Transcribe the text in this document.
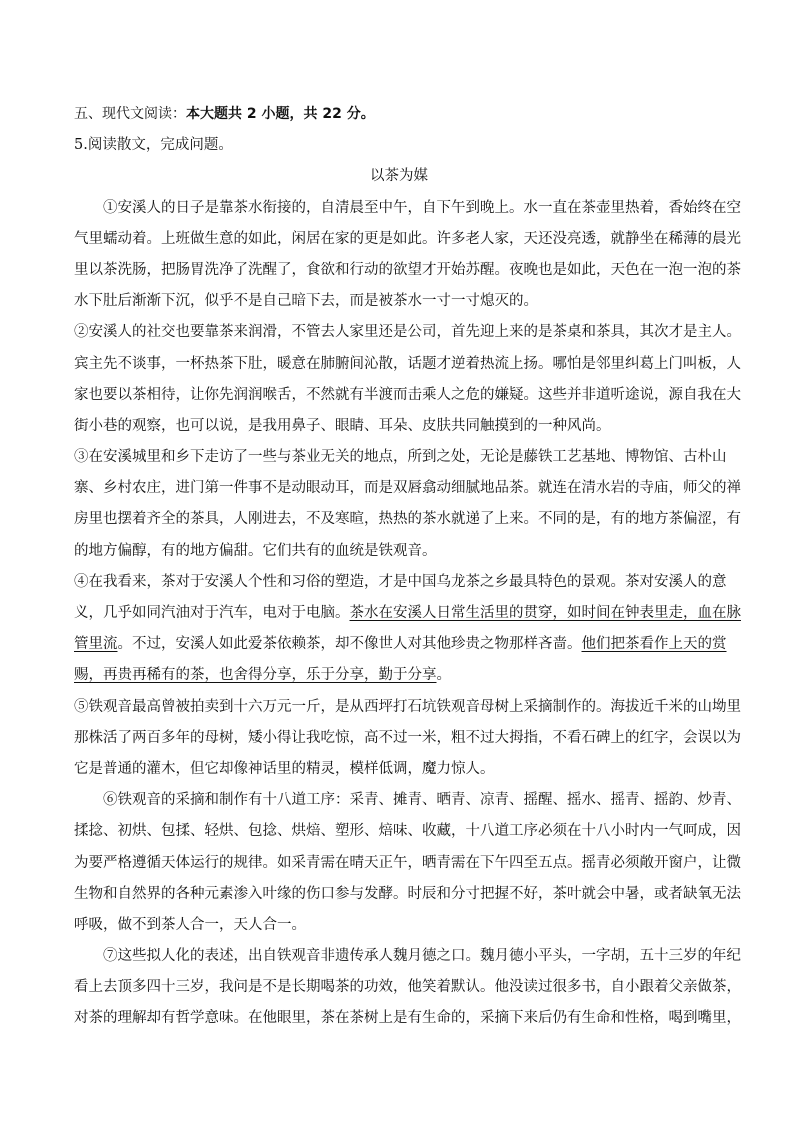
五、现代文阅读：本大题共 2 小题，共 22 分。
5.阅读散文，完成问题。
以茶为媒
①安溪人的日子是靠茶水衔接的，自清晨至中午，自下午到晚上。水一直在茶壶里热着，香始终在空
气里蠕动着。上班做生意的如此，闲居在家的更是如此。许多老人家，天还没亮透，就静坐在稀薄的晨光
里以茶洗肠，把肠胃洗净了洗醒了，食欲和行动的欲望才开始苏醒。夜晚也是如此，天色在一泡一泡的茶
水下肚后渐渐下沉，似乎不是自己暗下去，而是被茶水一寸一寸熄灭的。
②安溪人的社交也要靠茶来润滑，不管去人家里还是公司，首先迎上来的是茶桌和茶具，其次才是主人。
宾主先不谈事，一杯热茶下肚，暖意在肺腑间沁散，话题才逆着热流上扬。哪怕是邻里纠葛上门叫板，人
家也要以茶相待，让你先润润喉舌，不然就有半渡而击乘人之危的嫌疑。这些并非道听途说，源自我在大
街小巷的观察，也可以说，是我用鼻子、眼睛、耳朵、皮肤共同触摸到的一种风尚。
③在安溪城里和乡下走访了一些与茶业无关的地点，所到之处，无论是藤铁工艺基地、博物馆、古朴山
寨、乡村农庄，进门第一件事不是动眼动耳，而是双唇翕动细腻地品茶。就连在清水岩的寺庙，师父的禅
房里也摆着齐全的茶具，人刚进去，不及寒暄，热热的茶水就递了上来。不同的是，有的地方茶偏涩，有
的地方偏醇，有的地方偏甜。它们共有的血统是铁观音。
④在我看来，茶对于安溪人个性和习俗的塑造，才是中国乌龙茶之乡最具特色的景观。茶对安溪人的意
义，几乎如同汽油对于汽车，电对于电脑。茶水在安溪人日常生活里的贯穿，如时间在钟表里走，血在脉
管里流。不过，安溪人如此爱茶依赖茶，却不像世人对其他珍贵之物那样吝啬。他们把茶看作上天的赏
赐，再贵再稀有的茶，也舍得分享，乐于分享，勤于分享。
⑤铁观音最高曾被拍卖到十六万元一斤，是从西坪打石坑铁观音母树上采摘制作的。海拔近千米的山坳里
那株活了两百多年的母树，矮小得让我吃惊，高不过一米，粗不过大拇指，不看石碑上的红字，会误以为
它是普通的灌木，但它却像神话里的精灵，模样低调，魔力惊人。
⑥铁观音的采摘和制作有十八道工序：采青、摊青、晒青、凉青、摇醒、摇水、摇青、摇韵、炒青、
揉捻、初烘、包揉、轻烘、包捻、烘焙、塑形、焙味、收藏，十八道工序必须在十八小时内一气呵成，因
为要严格遵循天体运行的规律。如采青需在晴天正午，晒青需在下午四至五点。摇青必须敞开窗户，让微
生物和自然界的各种元素渗入叶缘的伤口参与发酵。时辰和分寸把握不好，茶叶就会中暑，或者缺氧无法
呼吸，做不到茶人合一，天人合一。
⑦这些拟人化的表述，出自铁观音非遗传承人魏月德之口。魏月德小平头，一字胡，五十三岁的年纪
看上去顶多四十三岁，我问是不是长期喝茶的功效，他笑着默认。他没读过很多书，自小跟着父亲做茶，
对茶的理解却有哲学意味。在他眼里，茶在茶树上是有生命的，采摘下来后仍有生命和性格，喝到嘴里，
